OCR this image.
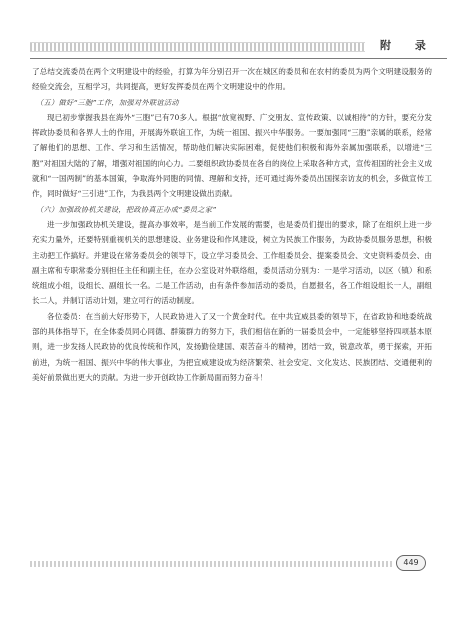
附 录

了总结交流委员在两个文明建设中的经验，打算为年分别召开一次在城区的委员和在农村的委员为两个文明建设服务的经验交流会，互相学习，共同提高，更好发挥委员在两个文明建设中的作用。

（五）做好“三胞”工作，加强对外联谊活动

现已初步掌握我县在海外“三胞”已有70多人。根据“放宽视野、广交朋友、宣传政策、以诚相待”的方针，要充分发挥政协委员和各界人士的作用，开展海外联谊工作，为统一祖国、振兴中华服务。一要加强同“三胞”亲属的联系，经常了解他们的思想、工作、学习和生活情况，帮助他们解决实际困难，促使他们积极和海外亲属加强联系，以增进“三胞”对祖国大陆的了解，增强对祖国的向心力。二要组织政协委员在各自的岗位上采取各种方式，宣传祖国的社会主义成就和“一国两制”的基本国策，争取海外同胞的同情、理解和支持，还可通过海外委员出国探亲访友的机会，多做宣传工作，同时做好“三引进”工作，为我县两个文明建设做出贡献。

（六）加强政协机关建设，把政协真正办成“委员之家”

进一步加强政协机关建设，提高办事效率，是当前工作发展的需要，也是委员们提出的要求，除了在组织上进一步充实力量外，还要特别重视机关的思想建设、业务建设和作风建设，树立为民族工作服务，为政协委员服务思想，积极主动把工作搞好。并建设在常务委员会的领导下，设立学习委员会、工作组委员会、提案委员会、文史资料委员会、由副主席和专职常委分别担任主任和副主任，在办公室设对外联络组，委员活动分别为：一是学习活动，以区（镇）和系统组成小组，设组长、副组长一名。二是工作活动，由有条件参加活动的委员，自愿报名，各工作组设组长一人，副组长二人，并制订活动计划，建立可行的活动制度。

各位委员：在当前大好形势下，人民政协进入了又一个黄金时代。在中共宜威县委的领导下，在省政协和地委统战部的具体指导下，在全体委员同心同德、群策群力的努力下，我们相信在新的一届委员会中，一定能够坚持四项基本原则，进一步发扬人民政协的优良传统和作风，发扬勤俭建国、艰苦奋斗的精神，团结一致，锐意改革，勇于探索，开拓前进，为统一祖国、振兴中华的伟大事业，为把宜威建设成为经济繁荣、社会安定、文化发达、民族团结、交通便利的美好前景做出更大的贡献。为进一步开创政协工作新局面而努力奋斗！

449
